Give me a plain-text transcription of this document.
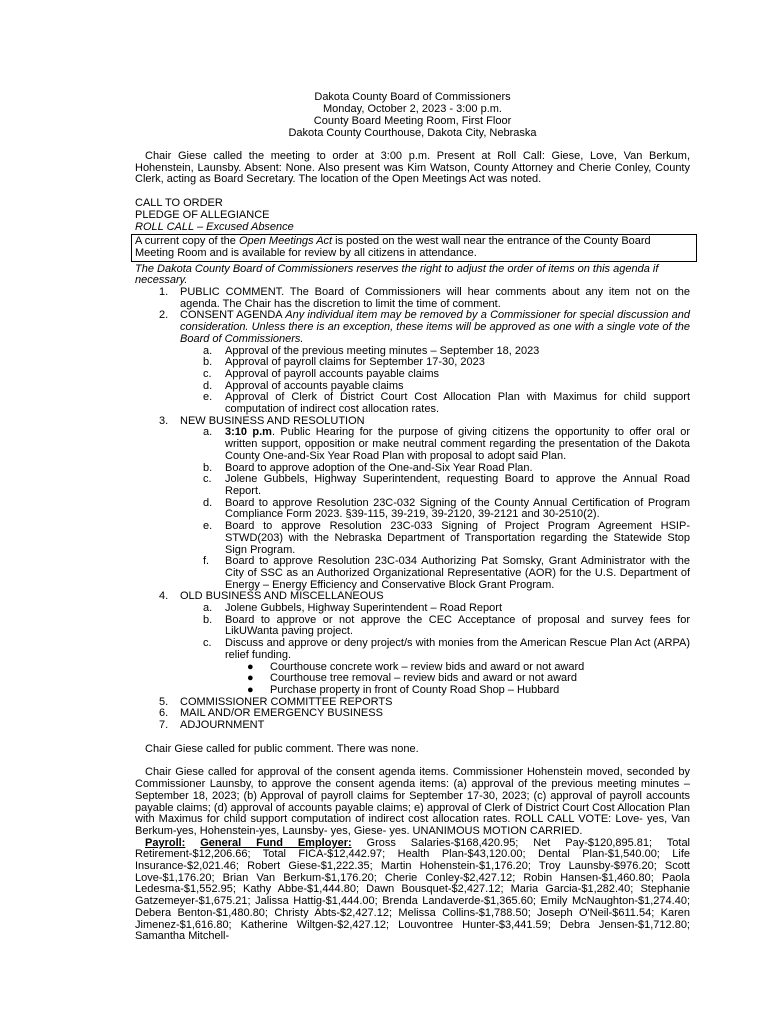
Dakota County Board of Commissioners
Monday, October 2, 2023 - 3:00 p.m.
County Board Meeting Room, First Floor
Dakota County Courthouse, Dakota City, Nebraska

Chair Giese called the meeting to order at 3:00 p.m. Present at Roll Call: Giese, Love, Van Berkum, Hohenstein, Launsby. Absent: None. Also present was Kim Watson, County Attorney and Cherie Conley, County Clerk, acting as Board Secretary. The location of the Open Meetings Act was noted.

CALL TO ORDER
PLEDGE OF ALLEGIANCE
ROLL CALL – Excused Absence
A current copy of the Open Meetings Act is posted on the west wall near the entrance of the County Board Meeting Room and is available for review by all citizens in attendance.
The Dakota County Board of Commissioners reserves the right to adjust the order of items on this agenda if necessary.
1. PUBLIC COMMENT. The Board of Commissioners will hear comments about any item not on the agenda. The Chair has the discretion to limit the time of comment.
2. CONSENT AGENDA Any individual item may be removed by a Commissioner for special discussion and consideration. Unless there is an exception, these items will be approved as one with a single vote of the Board of Commissioners.
a. Approval of the previous meeting minutes – September 18, 2023
b. Approval of payroll claims for September 17-30, 2023
c. Approval of payroll accounts payable claims
d. Approval of accounts payable claims
e. Approval of Clerk of District Court Cost Allocation Plan with Maximus for child support computation of indirect cost allocation rates.
3. NEW BUSINESS AND RESOLUTION
a. 3:10 p.m. Public Hearing for the purpose of giving citizens the opportunity to offer oral or written support, opposition or make neutral comment regarding the presentation of the Dakota County One-and-Six Year Road Plan with proposal to adopt said Plan.
b. Board to approve adoption of the One-and-Six Year Road Plan.
c. Jolene Gubbels, Highway Superintendent, requesting Board to approve the Annual Road Report.
d. Board to approve Resolution 23C-032 Signing of the County Annual Certification of Program Compliance Form 2023. §39-115, 39-219, 39-2120, 39-2121 and 30-2510(2).
e. Board to approve Resolution 23C-033 Signing of Project Program Agreement HSIP-STWD(203) with the Nebraska Department of Transportation regarding the Statewide Stop Sign Program.
f. Board to approve Resolution 23C-034 Authorizing Pat Somsky, Grant Administrator with the City of SSC as an Authorized Organizational Representative (AOR) for the U.S. Department of Energy – Energy Efficiency and Conservative Block Grant Program.
4. OLD BUSINESS AND MISCELLANEOUS
a. Jolene Gubbels, Highway Superintendent – Road Report
b. Board to approve or not approve the CEC Acceptance of proposal and survey fees for LikUWanta paving project.
c. Discuss and approve or deny project/s with monies from the American Rescue Plan Act (ARPA) relief funding.
● Courthouse concrete work – review bids and award or not award
● Courthouse tree removal – review bids and award or not award
● Purchase property in front of County Road Shop – Hubbard
5. COMMISSIONER COMMITTEE REPORTS
6. MAIL AND/OR EMERGENCY BUSINESS
7. ADJOURNMENT

Chair Giese called for public comment. There was none.

Chair Giese called for approval of the consent agenda items. Commissioner Hohenstein moved, seconded by Commissioner Launsby, to approve the consent agenda items: (a) approval of the previous meeting minutes – September 18, 2023; (b) Approval of payroll claims for September 17-30, 2023; (c) approval of payroll accounts payable claims; (d) approval of accounts payable claims; e) approval of Clerk of District Court Cost Allocation Plan with Maximus for child support computation of indirect cost allocation rates. ROLL CALL VOTE: Love- yes, Van Berkum-yes, Hohenstein-yes, Launsby- yes, Giese- yes. UNANIMOUS MOTION CARRIED.

Payroll: General Fund Employer: Gross Salaries-$168,420.95; Net Pay-$120,895.81; Total Retirement-$12,206.66; Total FICA-$12,442.97; Health Plan-$43,120.00; Dental Plan-$1,540.00; Life Insurance-$2,021.46; Robert Giese-$1,222.35; Martin Hohenstein-$1,176.20; Troy Launsby-$976.20; Scott Love-$1,176.20; Brian Van Berkum-$1,176.20; Cherie Conley-$2,427.12; Robin Hansen-$1,460.80; Paola Ledesma-$1,552.95; Kathy Abbe-$1,444.80; Dawn Bousquet-$2,427.12; Maria Garcia-$1,282.40; Stephanie Gatzemeyer-$1,675.21; Jalissa Hattig-$1,444.00; Brenda Landaverde-$1,365.60; Emily McNaughton-$1,274.40; Debera Benton-$1,480.80; Christy Abts-$2,427.12; Melissa Collins-$1,788.50; Joseph O'Neil-$611.54; Karen Jimenez-$1,616.80; Katherine Wiltgen-$2,427.12; Louvontree Hunter-$3,441.59; Debra Jensen-$1,712.80; Samantha Mitchell-
